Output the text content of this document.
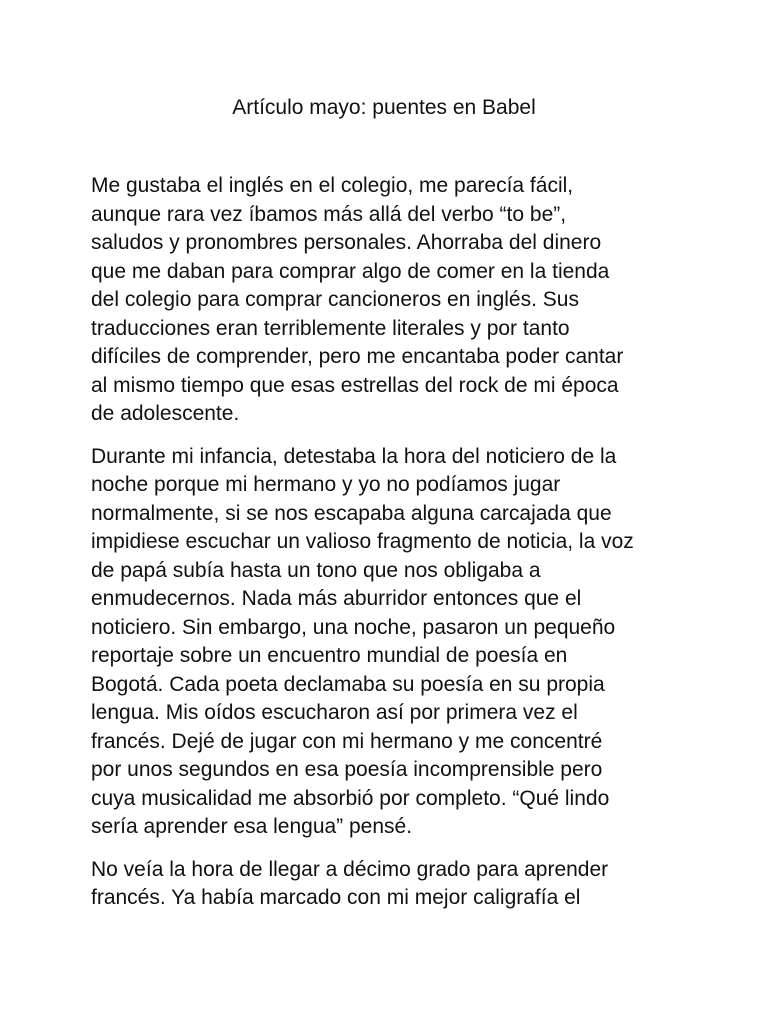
Artículo mayo: puentes en Babel
Me gustaba el inglés en el colegio, me parecía fácil,
aunque rara vez íbamos más allá del verbo “to be”,
saludos y pronombres personales. Ahorraba del dinero
que me daban para comprar algo de comer en la tienda
del colegio para comprar cancioneros en inglés. Sus
traducciones eran terriblemente literales y por tanto
difíciles de comprender, pero me encantaba poder cantar
al mismo tiempo que esas estrellas del rock de mi época
de adolescente.
Durante mi infancia, detestaba la hora del noticiero de la
noche porque mi hermano y yo no podíamos jugar
normalmente, si se nos escapaba alguna carcajada que
impidiese escuchar un valioso fragmento de noticia, la voz
de papá subía hasta un tono que nos obligaba a
enmudecernos. Nada más aburridor entonces que el
noticiero. Sin embargo, una noche, pasaron un pequeño
reportaje sobre un encuentro mundial de poesía en
Bogotá. Cada poeta declamaba su poesía en su propia
lengua. Mis oídos escucharon así por primera vez el
francés. Dejé de jugar con mi hermano y me concentré
por unos segundos en esa poesía incomprensible pero
cuya musicalidad me absorbió por completo. “Qué lindo
sería aprender esa lengua” pensé.
No veía la hora de llegar a décimo grado para aprender
francés. Ya había marcado con mi mejor caligrafía el
